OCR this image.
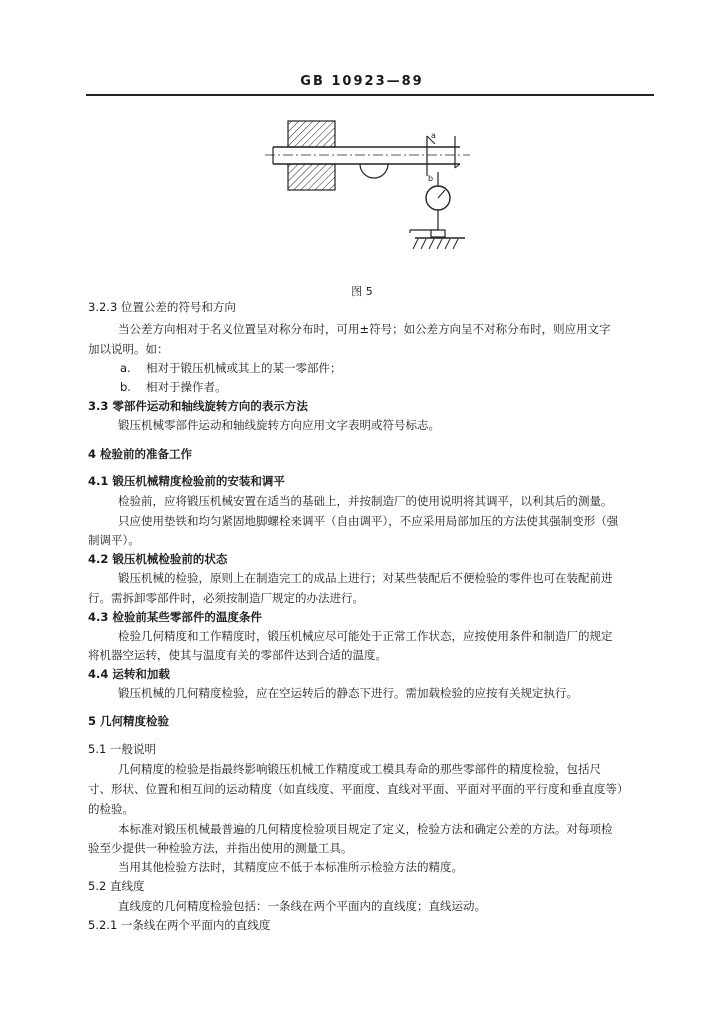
GB 10923—89
a
b
图 5
3.2.3 位置公差的符号和方向
当公差方向相对于名义位置呈对称分布时，可用±符号；如公差方向呈不对称分布时，则应用文字
加以说明。如：
a. 相对于锻压机械或其上的某一零部件；
b. 相对于操作者。
3.3 零部件运动和轴线旋转方向的表示方法
锻压机械零部件运动和轴线旋转方向应用文字表明或符号标志。
4 检验前的准备工作
4.1 锻压机械精度检验前的安装和调平
检验前，应将锻压机械安置在适当的基础上，并按制造厂的使用说明将其调平，以利其后的测量。
只应使用垫铁和均匀紧固地脚螺栓来调平（自由调平），不应采用局部加压的方法使其强制变形（强
制调平）。
4.2 锻压机械检验前的状态
锻压机械的检验，原则上在制造完工的成品上进行；对某些装配后不便检验的零件也可在装配前进
行。需拆卸零部件时，必须按制造厂规定的办法进行。
4.3 检验前某些零部件的温度条件
检验几何精度和工作精度时，锻压机械应尽可能处于正常工作状态，应按使用条件和制造厂的规定
将机器空运转，使其与温度有关的零部件达到合适的温度。
4.4 运转和加载
锻压机械的几何精度检验，应在空运转后的静态下进行。需加载检验的应按有关规定执行。
5 几何精度检验
5.1 一般说明
几何精度的检验是指最终影响锻压机械工作精度或工模具寿命的那些零部件的精度检验，包括尺
寸、形状、位置和相互间的运动精度（如直线度、平面度、直线对平面、平面对平面的平行度和垂直度等）
的检验。
本标准对锻压机械最普遍的几何精度检验项目规定了定义，检验方法和确定公差的方法。对每项检
验至少提供一种检验方法，并指出使用的测量工具。
当用其他检验方法时，其精度应不低于本标准所示检验方法的精度。
5.2 直线度
直线度的几何精度检验包括：一条线在两个平面内的直线度；直线运动。
5.2.1 一条线在两个平面内的直线度
